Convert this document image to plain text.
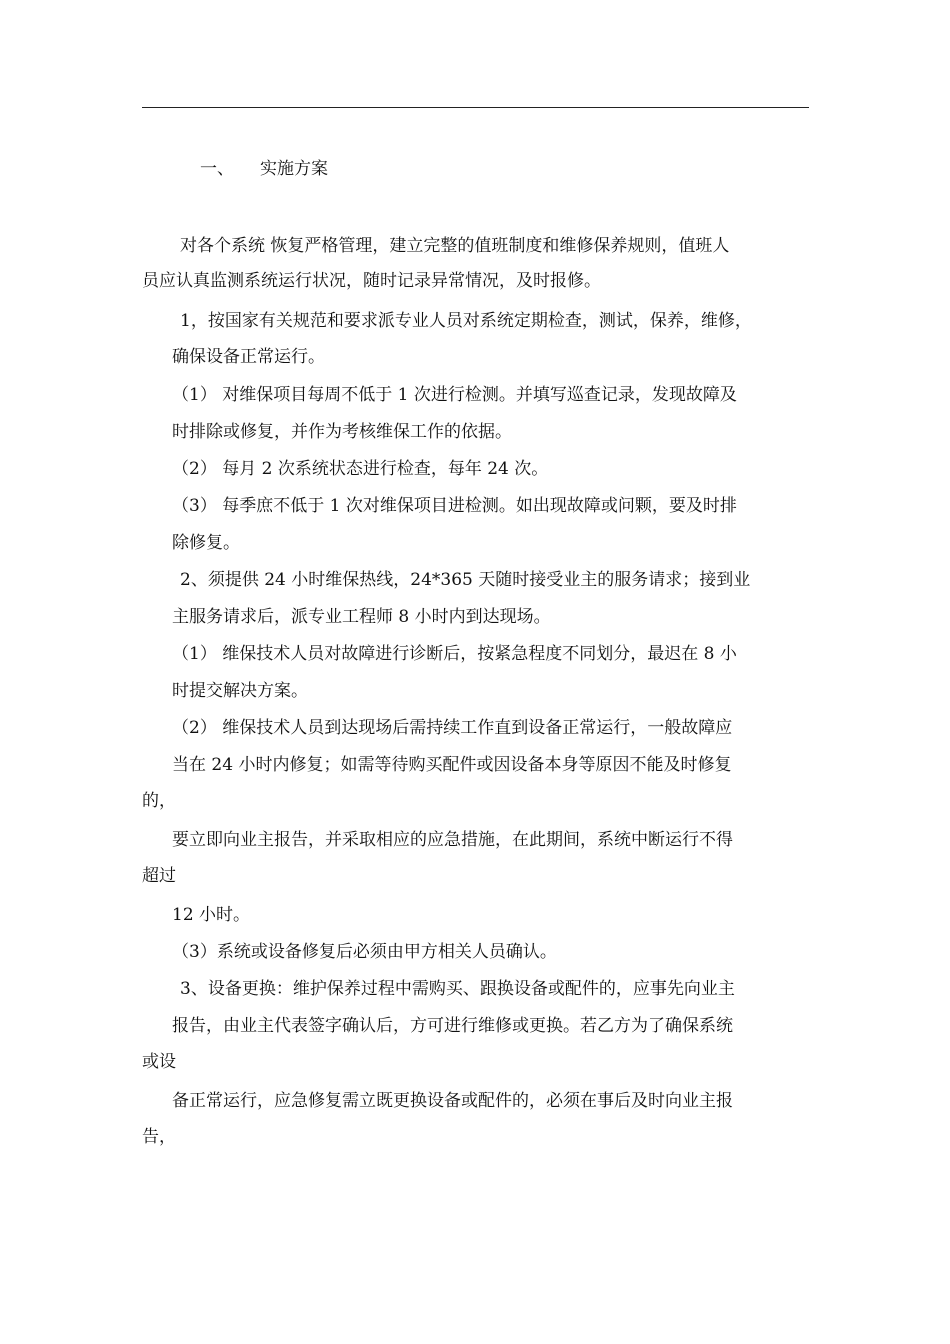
一、 实施方案
对各个系统 恢复严格管理，建立完整的值班制度和维修保养规则，值班人
员应认真监测系统运行状况，随时记录异常情况，及时报修。
1，按国家有关规范和要求派专业人员对系统定期检查，测试，保养，维修，
确保设备正常运行。
（1） 对维保项目每周不低于 1 次进行检测。并填写巡查记录，发现故障及
时排除或修复，并作为考核维保工作的依据。
（2） 每月 2 次系统状态进行检查，每年 24 次。
（3） 每季庶不低于 1 次对维保项目进检测。如出现故障或问颗，要及时排
除修复。
2、须提供 24 小时维保热线，24*365 天随时接受业主的服务请求；接到业
主服务请求后，派专业工程师 8 小时内到达现场。
（1） 维保技术人员对故障进行诊断后，按紧急程度不同划分，最迟在 8 小
时提交解决方案。
（2） 维保技术人员到达现场后需持续工作直到设备正常运行，一般故障应
当在 24 小时内修复；如需等待购买配件或因设备本身等原因不能及时修复
的，
要立即向业主报告，并采取相应的应急措施，在此期间，系统中断运行不得
超过
12 小时。
（3）系统或设备修复后必须由甲方相关人员确认。
3、设备更换：维护保养过程中需购买、跟换设备或配件的，应事先向业主
报告，由业主代表签字确认后，方可进行维修或更换。若乙方为了确保系统
或设
备正常运行，应急修复需立既更换设备或配件的，必须在事后及时向业主报
告，
